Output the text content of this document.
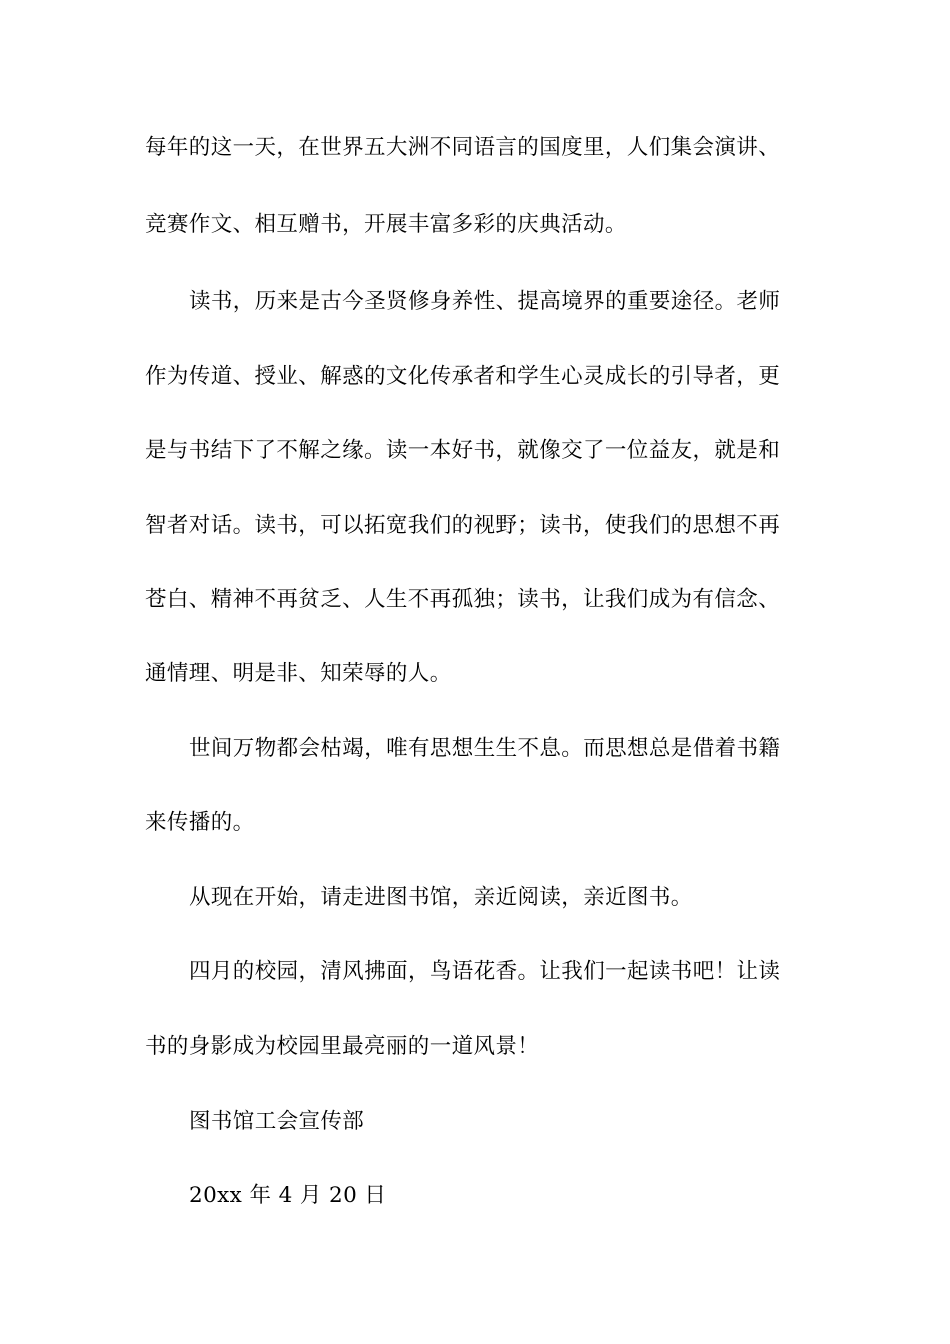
每年的这一天，在世界五大洲不同语言的国度里，人们集会演讲、

竞赛作文、相互赠书，开展丰富多彩的庆典活动。

读书，历来是古今圣贤修身养性、提高境界的重要途径。老师

作为传道、授业、解惑的文化传承者和学生心灵成长的引导者，更

是与书结下了不解之缘。读一本好书，就像交了一位益友，就是和

智者对话。读书，可以拓宽我们的视野；读书，使我们的思想不再

苍白、精神不再贫乏、人生不再孤独；读书，让我们成为有信念、

通情理、明是非、知荣辱的人。

世间万物都会枯竭，唯有思想生生不息。而思想总是借着书籍

来传播的。

从现在开始，请走进图书馆，亲近阅读，亲近图书。

四月的校园，清风拂面，鸟语花香。让我们一起读书吧！让读

书的身影成为校园里最亮丽的一道风景！

图书馆工会宣传部

20xx 年 4 月 20 日
